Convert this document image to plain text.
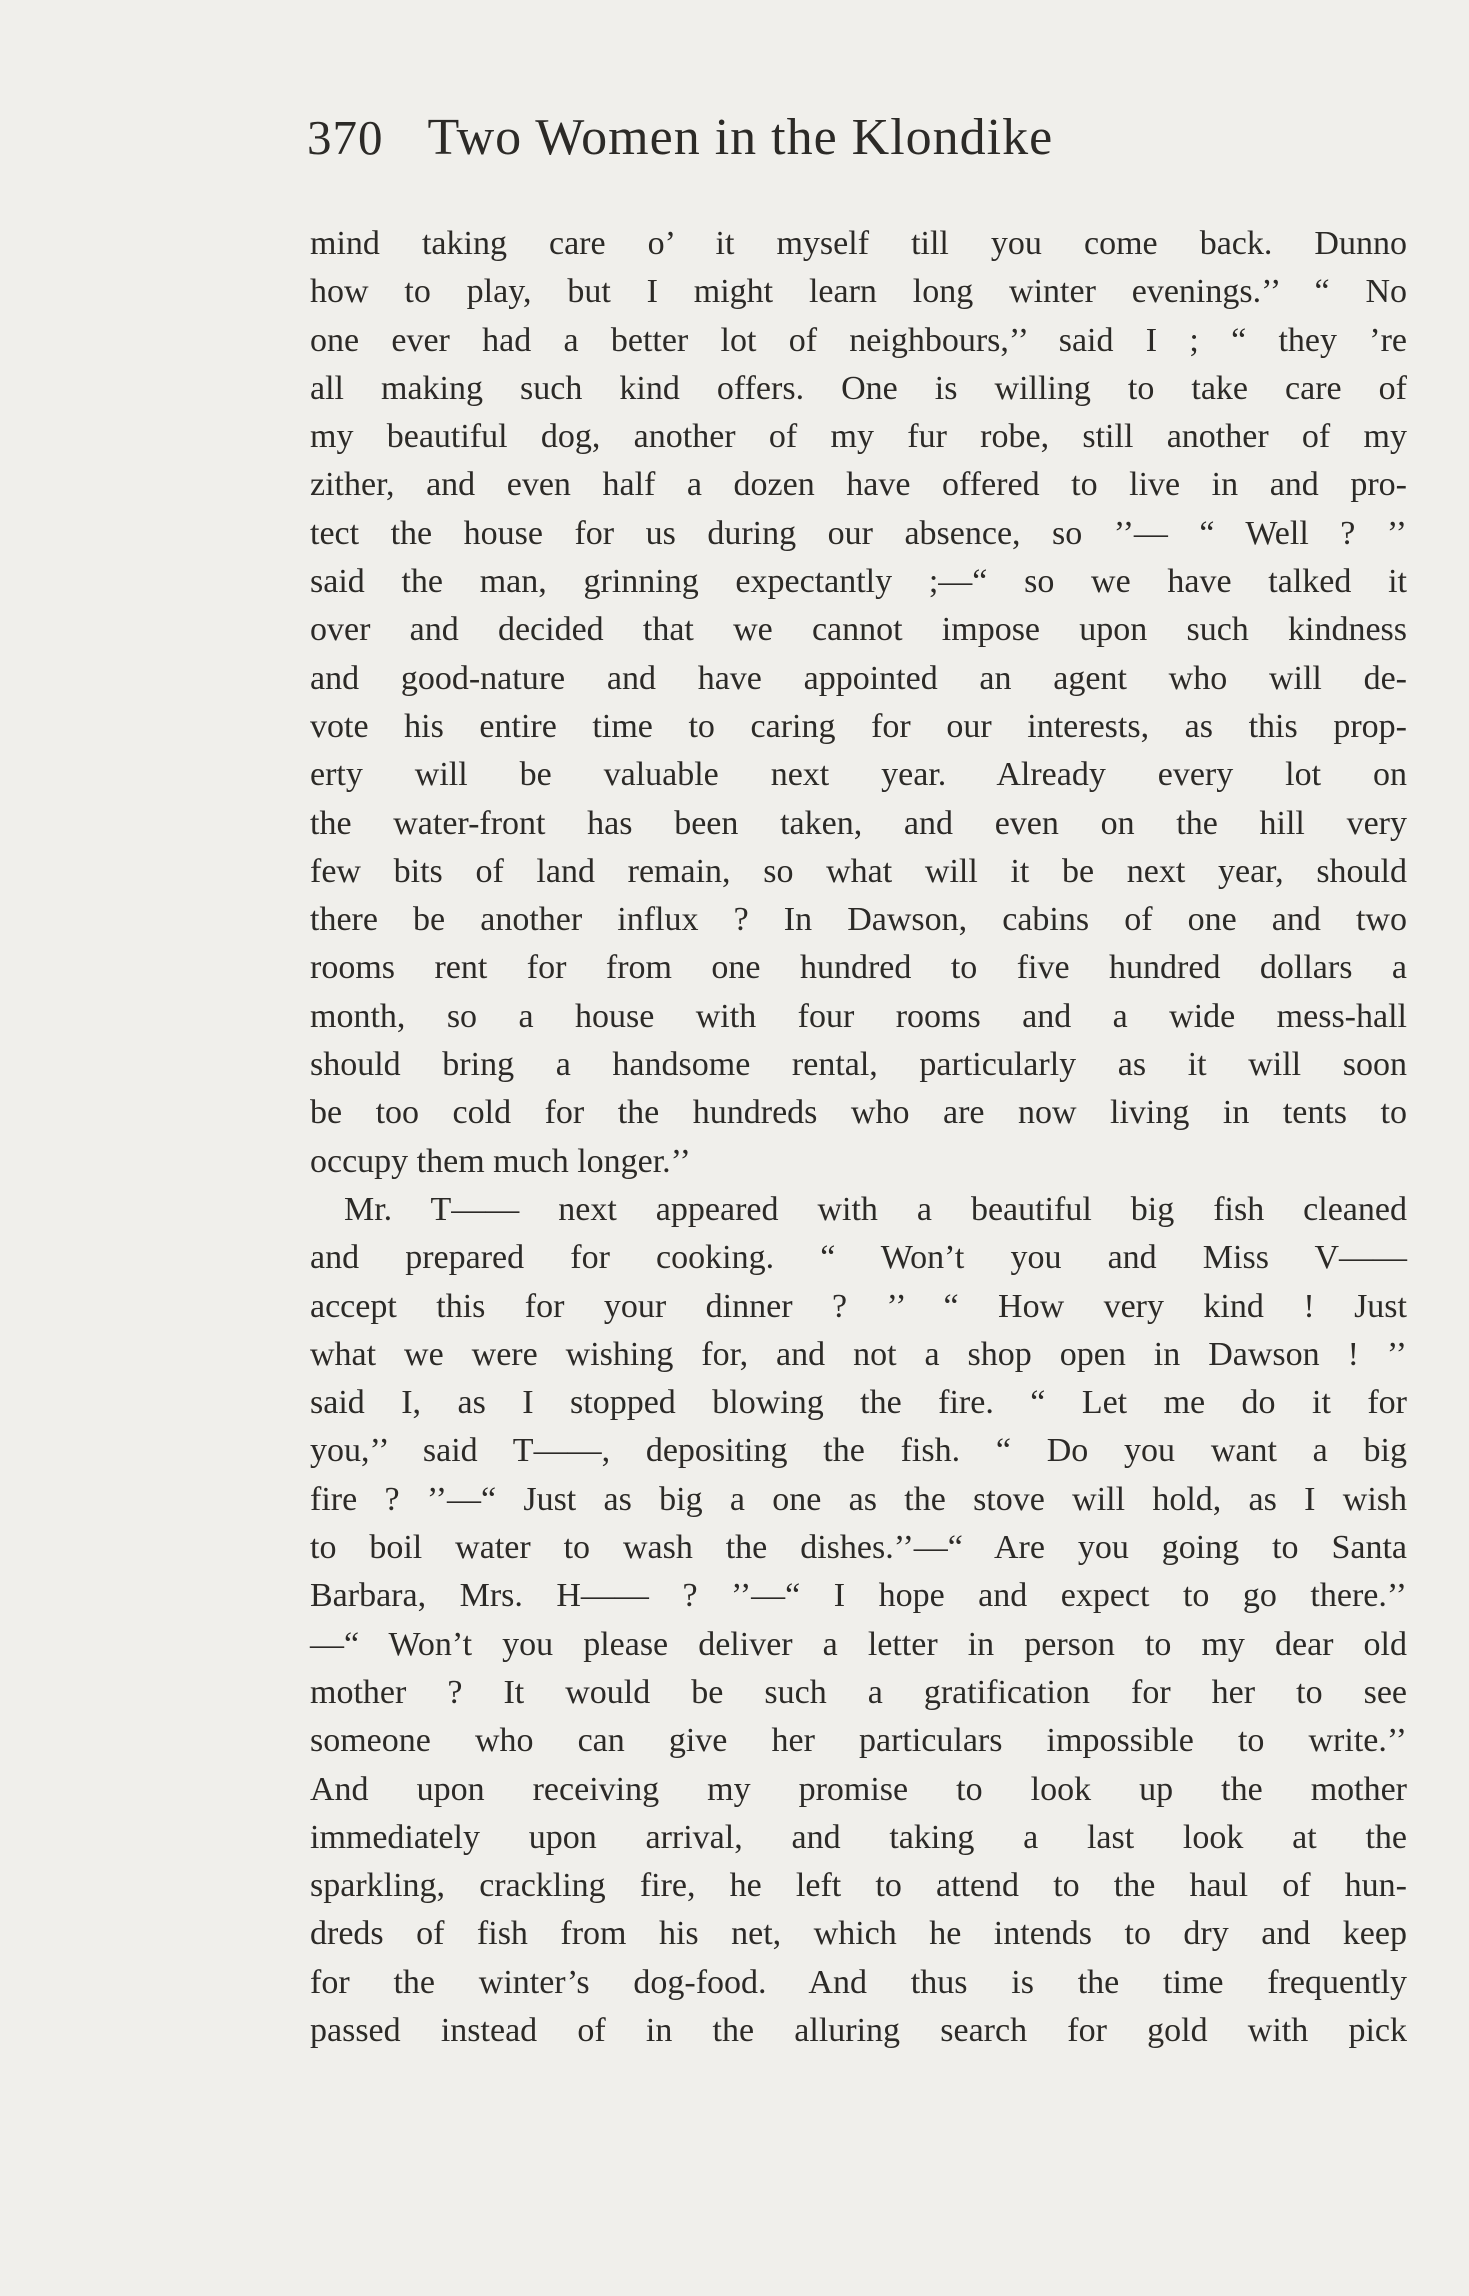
370 Two Women in the Klondike
mind taking care o’ it myself till you come back. Dunno
how to play, but I might learn long winter evenings.’’ “ No
one ever had a better lot of neighbours,’’ said I ; “ they ’re
all making such kind offers. One is willing to take care of
my beautiful dog, another of my fur robe, still another of my
zither, and even half a dozen have offered to live in and pro-
tect the house for us during our absence, so ’’— “ Well ? ’’
said the man, grinning expectantly ;—“ so we have talked it
over and decided that we cannot impose upon such kindness
and good-nature and have appointed an agent who will de-
vote his entire time to caring for our interests, as this prop-
erty will be valuable next year. Already every lot on
the water-front has been taken, and even on the hill very
few bits of land remain, so what will it be next year, should
there be another influx ? In Dawson, cabins of one and two
rooms rent for from one hundred to five hundred dollars a
month, so a house with four rooms and a wide mess-hall
should bring a handsome rental, particularly as it will soon
be too cold for the hundreds who are now living in tents to
occupy them much longer.’’
Mr. T—— next appeared with a beautiful big fish cleaned
and prepared for cooking. “ Won’t you and Miss V——
accept this for your dinner ? ’’ “ How very kind ! Just
what we were wishing for, and not a shop open in Dawson ! ’’
said I, as I stopped blowing the fire. “ Let me do it for
you,’’ said T——, depositing the fish. “ Do you want a big
fire ? ’’—“ Just as big a one as the stove will hold, as I wish
to boil water to wash the dishes.’’—“ Are you going to Santa
Barbara, Mrs. H—— ? ’’—“ I hope and expect to go there.’’
—“ Won’t you please deliver a letter in person to my dear old
mother ? It would be such a gratification for her to see
someone who can give her particulars impossible to write.’’
And upon receiving my promise to look up the mother
immediately upon arrival, and taking a last look at the
sparkling, crackling fire, he left to attend to the haul of hun-
dreds of fish from his net, which he intends to dry and keep
for the winter’s dog-food. And thus is the time frequently
passed instead of in the alluring search for gold with pick
